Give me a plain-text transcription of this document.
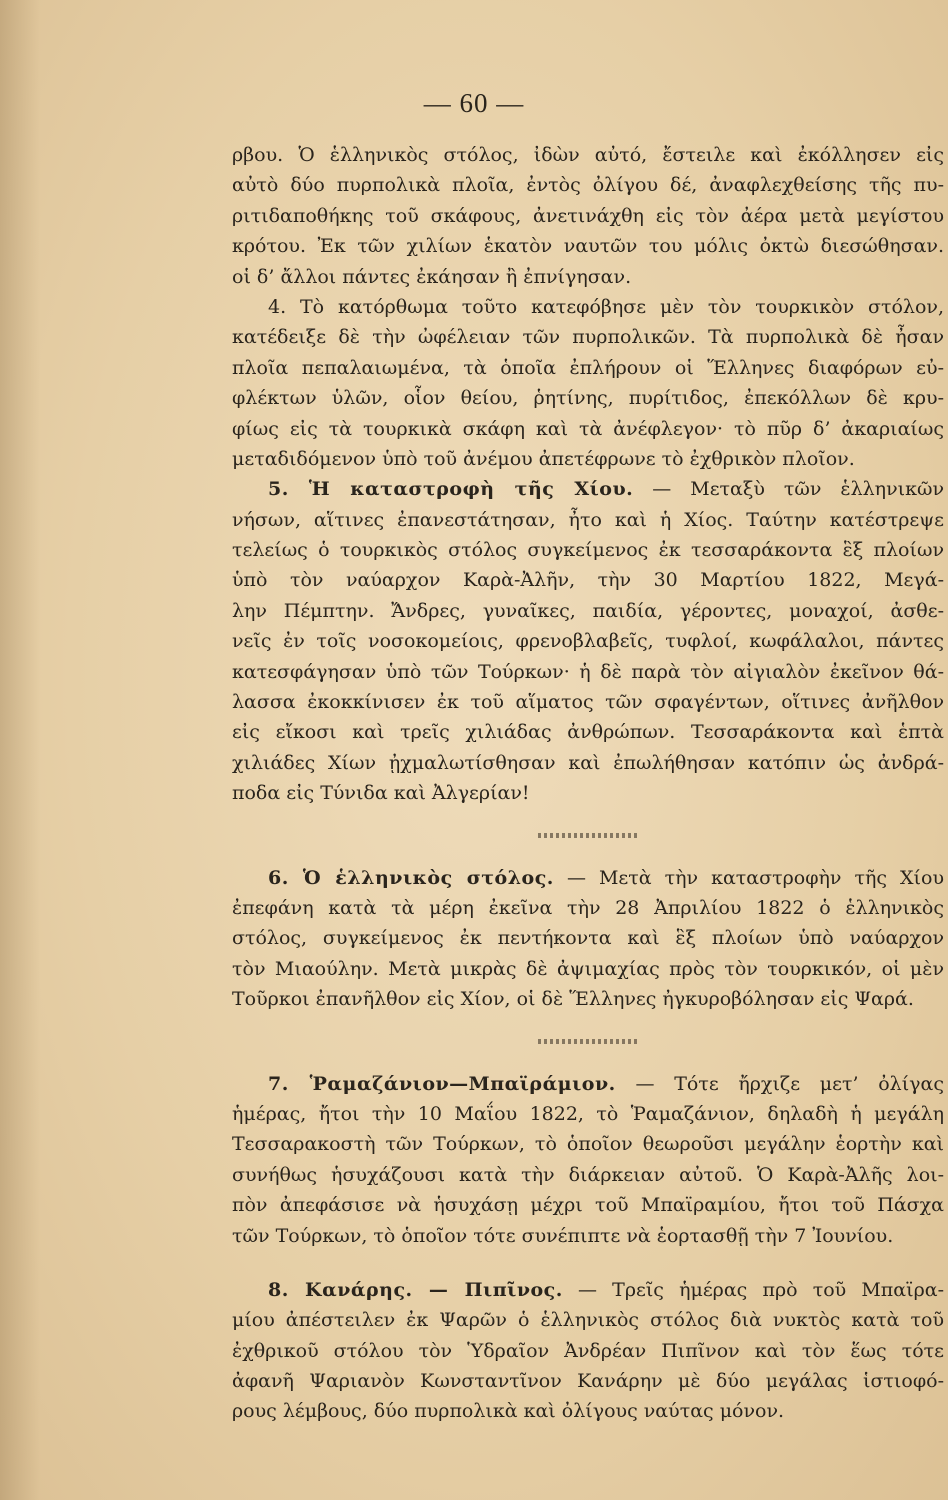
— 60 —
ρβου. Ὁ ἑλληνικὸς στόλος, ἰδὼν αὐτό, ἔστειλε καὶ ἐκόλλησεν εἰς
αὐτὸ δύο πυρπολικὰ πλοῖα, ἐντὸς ὀλίγου δέ, ἀναφλεχθείσης τῆς πυ-
ριτιδαποθήκης τοῦ σκάφους, ἀνετινάχθη εἰς τὸν ἀέρα μετὰ μεγίστου
κρότου. Ἐκ τῶν χιλίων ἑκατὸν ναυτῶν του μόλις ὀκτὼ διεσώθησαν.
οἱ δ’ ἄλλοι πάντες ἐκάησαν ἢ ἐπνίγησαν.
4. Τὸ κατόρθωμα τοῦτο κατεφόβησε μὲν τὸν τουρκικὸν στόλον,
κατέδειξε δὲ τὴν ὠφέλειαν τῶν πυρπολικῶν. Τὰ πυρπολικὰ δὲ ἦσαν
πλοῖα πεπαλαιωμένα, τὰ ὁποῖα ἐπλήρουν οἱ Ἕλληνες διαφόρων εὐ-
φλέκτων ὑλῶν, οἷον θείου, ῥητίνης, πυρίτιδος, ἐπεκόλλων δὲ κρυ-
φίως εἰς τὰ τουρκικὰ σκάφη καὶ τὰ ἀνέφλεγον· τὸ πῦρ δ’ ἀκαριαίως
μεταδιδόμενον ὑπὸ τοῦ ἀνέμου ἀπετέφρωνε τὸ ἐχθρικὸν πλοῖον.
5. Ἡ καταστροφὴ τῆς Χίου. — Μεταξὺ τῶν ἑλληνικῶν
νήσων, αἵτινες ἐπανεστάτησαν, ἦτο καὶ ἡ Χίος. Ταύτην κατέστρεψε
τελείως ὁ τουρκικὸς στόλος συγκείμενος ἐκ τεσσαράκοντα ἓξ πλοίων
ὑπὸ τὸν ναύαρχον Καρὰ-Ἀλῆν, τὴν 30 Μαρτίου 1822, Μεγά-
λην Πέμπτην. Ἄνδρες, γυναῖκες, παιδία, γέροντες, μοναχοί, ἀσθε-
νεῖς ἐν τοῖς νοσοκομείοις, φρενοβλαβεῖς, τυφλοί, κωφάλαλοι, πάντες
κατεσφάγησαν ὑπὸ τῶν Τούρκων· ἡ δὲ παρὰ τὸν αἰγιαλὸν ἐκεῖνον θά-
λασσα ἐκοκκίνισεν ἐκ τοῦ αἵματος τῶν σφαγέντων, οἵτινες ἀνῆλθον
εἰς εἴκοσι καὶ τρεῖς χιλιάδας ἀνθρώπων. Τεσσαράκοντα καὶ ἑπτὰ
χιλιάδες Χίων ᾐχμαλωτίσθησαν καὶ ἐπωλήθησαν κατόπιν ὡς ἀνδρά-
ποδα εἰς Τύνιδα καὶ Ἀλγερίαν!
6. Ὁ ἑλληνικὸς στόλος. — Μετὰ τὴν καταστροφὴν τῆς Χίου
ἐπεφάνη κατὰ τὰ μέρη ἐκεῖνα τὴν 28 Ἀπριλίου 1822 ὁ ἑλληνικὸς
στόλος, συγκείμενος ἐκ πεντήκοντα καὶ ἓξ πλοίων ὑπὸ ναύαρχον
τὸν Μιαούλην. Μετὰ μικρὰς δὲ ἀψιμαχίας πρὸς τὸν τουρκικόν, οἱ μὲν
Τοῦρκοι ἐπανῆλθον εἰς Χίον, οἱ δὲ Ἕλληνες ἠγκυροβόλησαν εἰς Ψαρά.
7. Ῥαμαζάνιον—Μπαϊράμιον. — Τότε ἤρχιζε μετ’ ὀλίγας
ἡμέρας, ἤτοι τὴν 10 Μαΐου 1822, τὸ Ῥαμαζάνιον, δηλαδὴ ἡ μεγάλη
Τεσσαρακοστὴ τῶν Τούρκων, τὸ ὁποῖον θεωροῦσι μεγάλην ἑορτὴν καὶ
συνήθως ἡσυχάζουσι κατὰ τὴν διάρκειαν αὐτοῦ. Ὁ Καρὰ-Ἀλῆς λοι-
πὸν ἀπεφάσισε νὰ ἡσυχάσῃ μέχρι τοῦ Μπαϊραμίου, ἤτοι τοῦ Πάσχα
τῶν Τούρκων, τὸ ὁποῖον τότε συνέπιπτε νὰ ἑορτασθῇ τὴν 7 Ἰουνίου.
8. Κανάρης. — Πιπῖνος. — Τρεῖς ἡμέρας πρὸ τοῦ Μπαϊρα-
μίου ἀπέστειλεν ἐκ Ψαρῶν ὁ ἑλληνικὸς στόλος διὰ νυκτὸς κατὰ τοῦ
ἐχθρικοῦ στόλου τὸν Ὑδραῖον Ἀνδρέαν Πιπῖνον καὶ τὸν ἕως τότε
ἀφανῆ Ψαριανὸν Κωνσταντῖνον Κανάρην μὲ δύο μεγάλας ἱστιοφό-
ρους λέμβους, δύο πυρπολικὰ καὶ ὀλίγους ναύτας μόνον.
